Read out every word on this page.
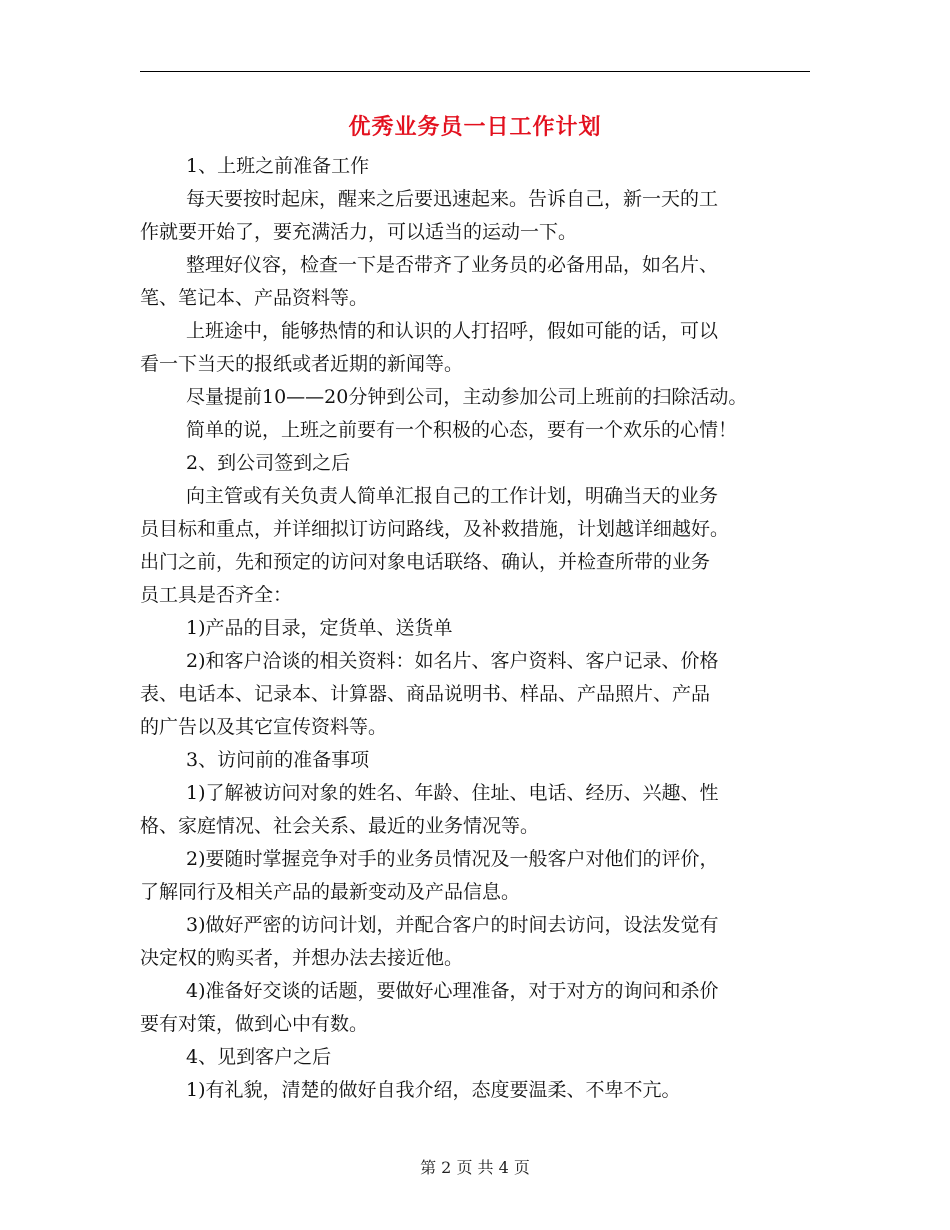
优秀业务员一日工作计划

1、上班之前准备工作

每天要按时起床，醒来之后要迅速起来。告诉自己，新一天的工

作就要开始了，要充满活力，可以适当的运动一下。

整理好仪容，检查一下是否带齐了业务员的必备用品，如名片、

笔、笔记本、产品资料等。

上班途中，能够热情的和认识的人打招呼，假如可能的话，可以

看一下当天的报纸或者近期的新闻等。

尽量提前10——20分钟到公司，主动参加公司上班前的扫除活动。

简单的说，上班之前要有一个积极的心态，要有一个欢乐的心情！

2、到公司签到之后

向主管或有关负责人简单汇报自己的工作计划，明确当天的业务

员目标和重点，并详细拟订访问路线，及补救措施，计划越详细越好。

出门之前，先和预定的访问对象电话联络、确认，并检查所带的业务

员工具是否齐全：

1)产品的目录，定货单、送货单

2)和客户洽谈的相关资料：如名片、客户资料、客户记录、价格

表、电话本、记录本、计算器、商品说明书、样品、产品照片、产品

的广告以及其它宣传资料等。

3、访问前的准备事项

1)了解被访问对象的姓名、年龄、住址、电话、经历、兴趣、性

格、家庭情况、社会关系、最近的业务情况等。

2)要随时掌握竞争对手的业务员情况及一般客户对他们的评价，

了解同行及相关产品的最新变动及产品信息。

3)做好严密的访问计划，并配合客户的时间去访问，设法发觉有

决定权的购买者，并想办法去接近他。

4)准备好交谈的话题，要做好心理准备，对于对方的询问和杀价

要有对策，做到心中有数。

4、见到客户之后

1)有礼貌，清楚的做好自我介绍，态度要温柔、不卑不亢。

第 2 页 共 4 页
